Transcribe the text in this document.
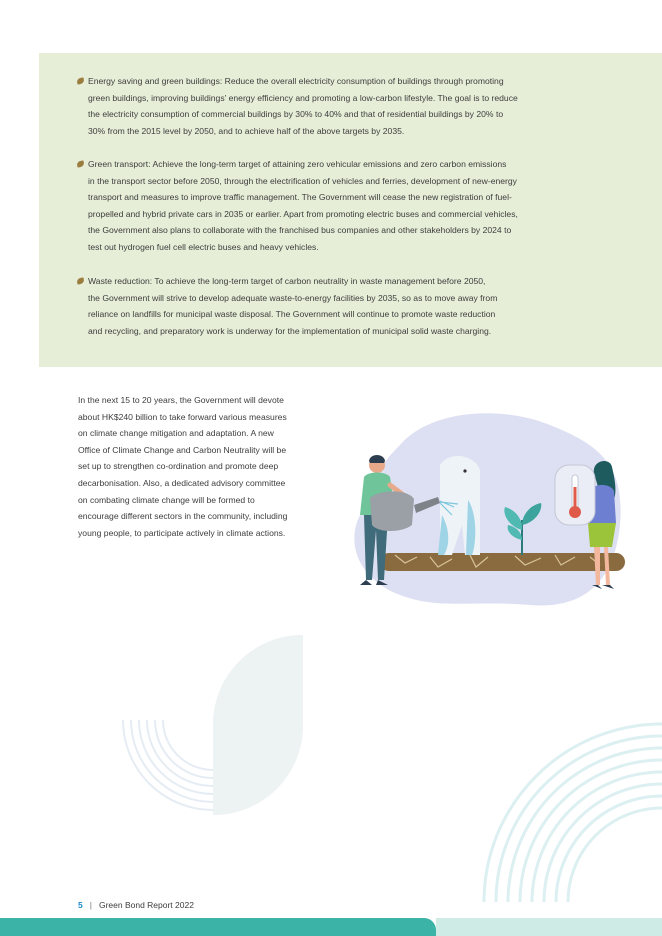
Energy saving and green buildings: Reduce the overall electricity consumption of buildings through promoting
green buildings, improving buildings’ energy efficiency and promoting a low-carbon lifestyle. The goal is to reduce
the electricity consumption of commercial buildings by 30% to 40% and that of residential buildings by 20% to
30% from the 2015 level by 2050, and to achieve half of the above targets by 2035.
Green transport: Achieve the long-term target of attaining zero vehicular emissions and zero carbon emissions
in the transport sector before 2050, through the electrification of vehicles and ferries, development of new-energy
transport and measures to improve traffic management. The Government will cease the new registration of fuel-
propelled and hybrid private cars in 2035 or earlier. Apart from promoting electric buses and commercial vehicles,
the Government also plans to collaborate with the franchised bus companies and other stakeholders by 2024 to
test out hydrogen fuel cell electric buses and heavy vehicles.
Waste reduction: To achieve the long-term target of carbon neutrality in waste management before 2050,
the Government will strive to develop adequate waste-to-energy facilities by 2035, so as to move away from
reliance on landfills for municipal waste disposal. The Government will continue to promote waste reduction
and recycling, and preparatory work is underway for the implementation of municipal solid waste charging.
In the next 15 to 20 years, the Government will devote
about HK$240 billion to take forward various measures
on climate change mitigation and adaptation. A new
Office of Climate Change and Carbon Neutrality will be
set up to strengthen co-ordination and promote deep
decarbonisation. Also, a dedicated advisory committee
on combating climate change will be formed to
encourage different sectors in the community, including
young people, to participate actively in climate actions.
5 | Green Bond Report 2022
